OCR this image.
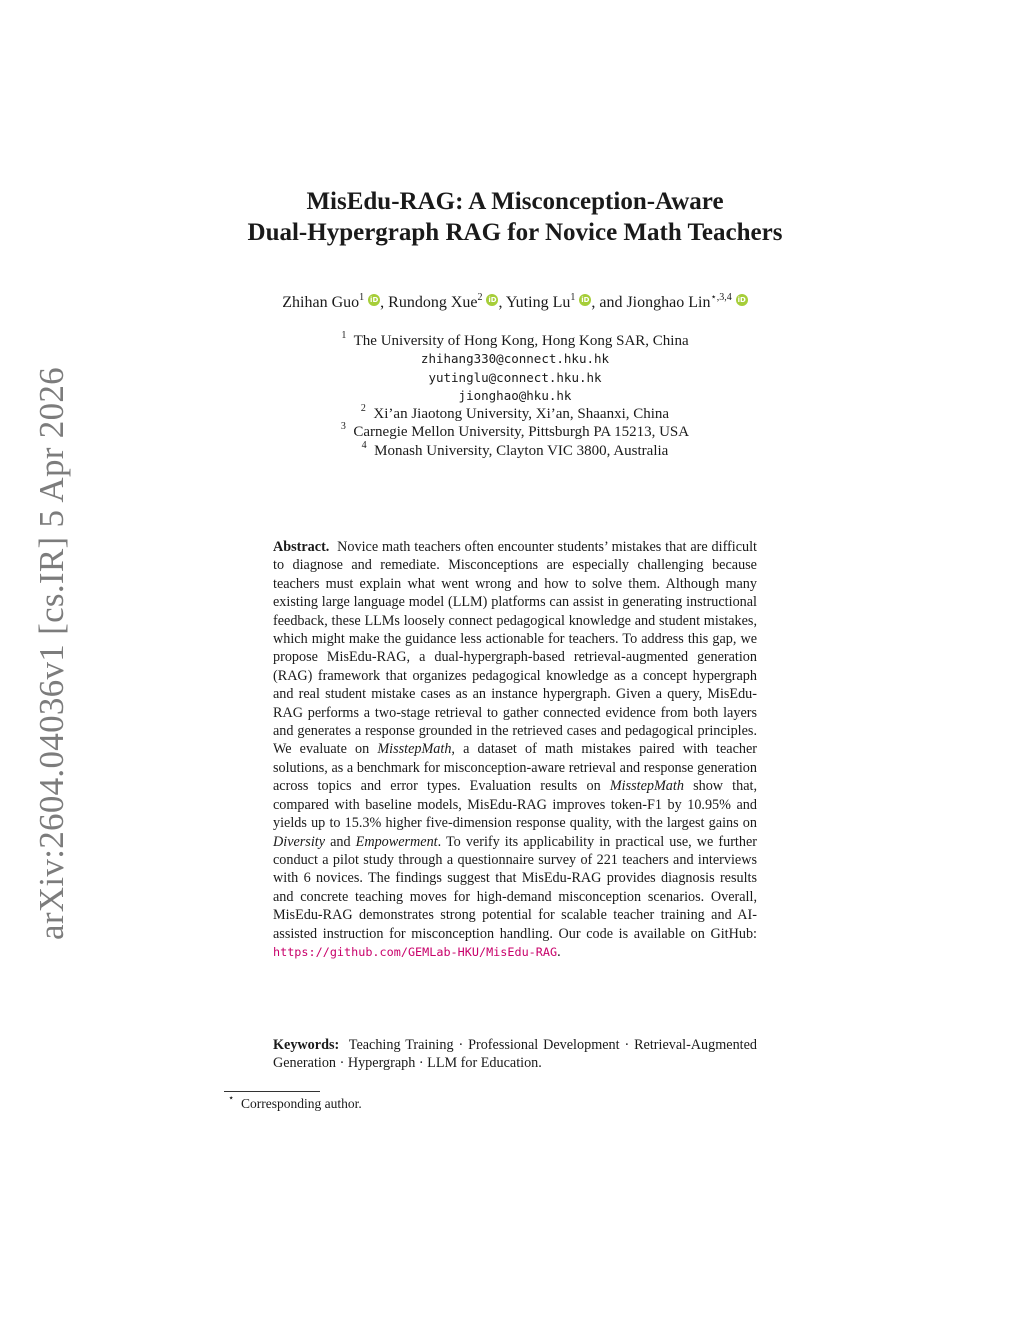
arXiv:2604.04036v1 [cs.IR] 5 Apr 2026
MisEdu-RAG: A Misconception-Aware
Dual-Hypergraph RAG for Novice Math Teachers
Zhihan Guo$^1$ iD , Rundong Xue$^2$ iD , Yuting Lu$^1$ iD , and Jionghao Lin$^{⋆,3,4}$ iD
$^1$ The University of Hong Kong, Hong Kong SAR, China
zhihang330@connect.hku.hk
yutinglu@connect.hku.hk
jionghao@hku.hk
$^2$ Xi’an Jiaotong University, Xi’an, Shaanxi, China
$^3$ Carnegie Mellon University, Pittsburgh PA 15213, USA
$^4$ Monash University, Clayton VIC 3800, Australia
Abstract. Novice math teachers often encounter students’ mistakes that are difficult to diagnose and remediate. Misconceptions are especially challenging because teachers must explain what went wrong and how to solve them. Although many existing large language model (LLM) platforms can assist in generating instructional feedback, these LLMs loosely connect pedagogical knowledge and student mistakes, which might make the guidance less actionable for teachers. To address this gap, we propose MisEdu-RAG, a dual-hypergraph-based retrieval-augmented generation (RAG) framework that organizes pedagogical knowledge as a concept hypergraph and real student mistake cases as an instance hypergraph. Given a query, MisEdu-RAG performs a two-stage retrieval to gather connected evidence from both layers and generates a response grounded in the retrieved cases and pedagogical principles. We evaluate on MisstepMath, a dataset of math mistakes paired with teacher solutions, as a benchmark for misconception-aware retrieval and response generation across topics and error types. Evaluation results on MisstepMath show that, compared with baseline models, MisEdu-RAG improves token-F1 by 10.95% and yields up to 15.3% higher five-dimension response quality, with the largest gains on Diversity and Empowerment. To verify its applicability in practical use, we further conduct a pilot study through a questionnaire survey of 221 teachers and interviews with 6 novices. The findings suggest that MisEdu-RAG provides diagnosis results and concrete teaching moves for high-demand misconception scenarios. Overall, MisEdu-RAG demonstrates strong potential for scalable teacher training and AI-assisted instruction for misconception handling. Our code is available on GitHub: https://github.com/GEMLab-HKU/MisEdu-RAG.
Keywords: Teaching Training · Professional Development · Retrieval-Augmented Generation · Hypergraph · LLM for Education.
⋆ Corresponding author.
